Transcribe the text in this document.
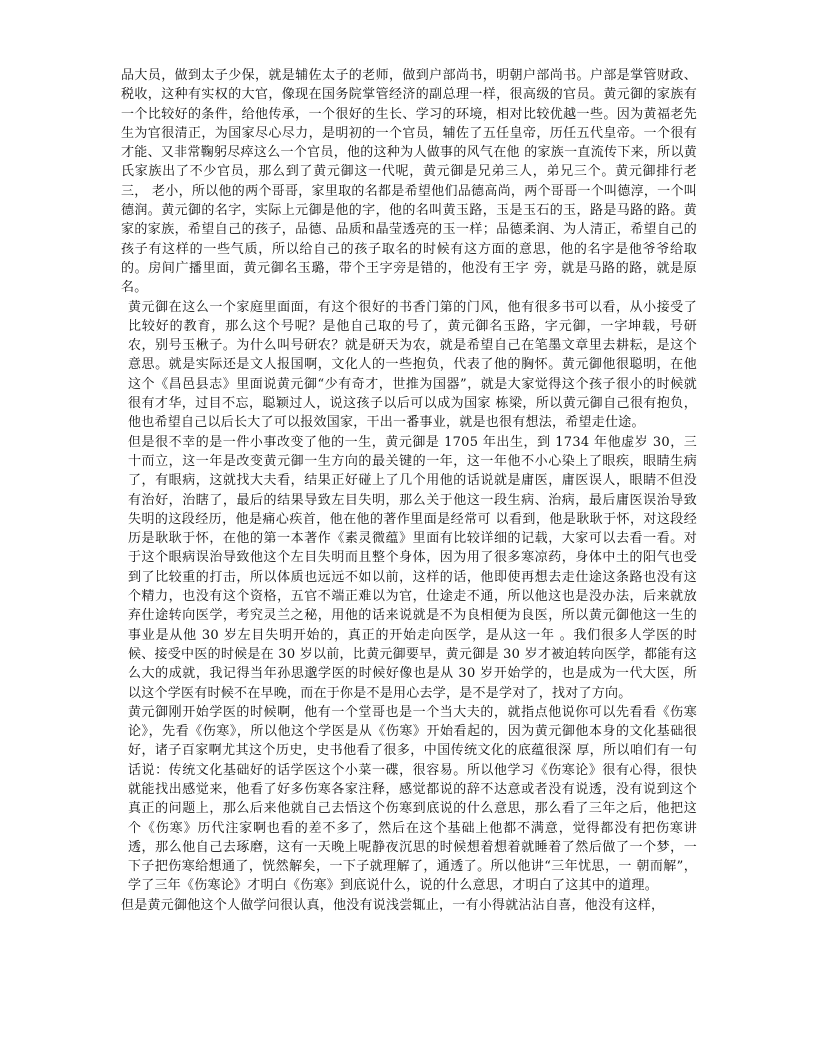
品大员，做到太子少保，就是辅佐太子的老师，做到户部尚书，明朝户部尚书。户部是掌管财政、税收，这种有实权的大官，像现在国务院掌管经济的副总理一样，很高级的官员。黄元御的家族有一个比较好的条件，给他传承，一个很好的生长、学习的环境，相对比较优越一些。因为黄福老先生为官很清正，为国家尽心尽力，是明初的一个官员，辅佐了五任皇帝，历任五代皇帝。一个很有才能、又非常鞠躬尽瘁这么一个官员，他的这种为人做事的风气在他 的家族一直流传下来，所以黄氏家族出了不少官员，那么到了黄元御这一代呢，黄元御是兄弟三人，弟兄三个。黄元御排行老三， 老小，所以他的两个哥哥，家里取的名都是希望他们品德高尚，两个哥哥一个叫德淳，一个叫德润。黄元御的名字，实际上元御是他的字，他的名叫黄玉路，玉是玉石的玉，路是马路的路。黄家的家族，希望自己的孩子，品德、品质和晶莹透亮的玉一样；品德柔润、为人清正，希望自己的孩子有这样的一些气质，所以给自己的孩子取名的时候有这方面的意思，他的名字是他爷爷给取的。房间广播里面，黄元御名玉璐，带个王字旁是错的，他没有王字 旁，就是马路的路，就是原名。

黄元御在这么一个家庭里面面，有这个很好的书香门第的门风，他有很多书可以看，从小接受了比较好的教育，那么这个号呢？是他自己取的号了，黄元御名玉路，字元御，一字坤载，号研农，别号玉楸子。为什么叫号研农？就是研天为农，就是希望自己在笔墨文章里去耕耘，是这个意思。就是实际还是文人报国啊，文化人的一些抱负，代表了他的胸怀。黄元御他很聪明，在他这个《昌邑县志》里面说黄元御“少有奇才，世推为国器”，就是大家觉得这个孩子很小的时候就很有才华，过目不忘，聪颖过人，说这孩子以后可以成为国家 栋梁，所以黄元御自己很有抱负，他也希望自己以后长大了可以报效国家，干出一番事业，就是也很有想法，希望走仕途。

但是很不幸的是一件小事改变了他的一生，黄元御是 1705 年出生，到 1734 年他虚岁 30，三十而立，这一年是改变黄元御一生方向的最关键的一年，这一年他不小心染上了眼疾，眼睛生病了，有眼病，这就找大夫看，结果正好碰上了几个用他的话说就是庸医，庸医误人，眼睛不但没有治好，治瞎了，最后的结果导致左目失明，那么关于他这一段生病、治病，最后庸医误治导致失明的这段经历，他是痛心疾首，他在他的著作里面是经常可 以看到，他是耿耿于怀，对这段经历是耿耿于怀，在他的第一本著作《素灵微蕴》里面有比较详细的记载，大家可以去看一看。对于这个眼病误治导致他这个左目失明而且整个身体，因为用了很多寒凉药，身体中土的阳气也受到了比较重的打击，所以体质也远远不如以前，这样的话，他即使再想去走仕途这条路也没有这个精力，也没有这个资格，五官不端正难以为官，仕途走不通，所以他这也是没办法，后来就放弃仕途转向医学，考究灵兰之秘，用他的话来说就是不为良相便为良医，所以黄元御他这一生的事业是从他 30 岁左目失明开始的，真正的开始走向医学，是从这一年 。我们很多人学医的时候、接受中医的时候是在 30 岁以前，比黄元御要早，黄元御是 30 岁才被迫转向医学，都能有这么大的成就，我记得当年孙思邈学医的时候好像也是从 30 岁开始学的，也是成为一代大医，所以这个学医有时候不在早晚，而在于你是不是用心去学，是不是学对了，找对了方向。

黄元御刚开始学医的时候啊，他有一个堂哥也是一个当大夫的，就指点他说你可以先看看《伤寒论》，先看《伤寒》，所以他这个学医是从《伤寒》开始看起的，因为黄元御他本身的文化基础很好，诸子百家啊尤其这个历史，史书他看了很多，中国传统文化的底蕴很深 厚，所以咱们有一句话说：传统文化基础好的话学医这个小菜一碟，很容易。所以他学习《伤寒论》很有心得，很快就能找出感觉来，他看了好多伤寒各家注释，感觉都说的辞不达意或者没有说透，没有说到这个真正的问题上，那么后来他就自己去悟这个伤寒到底说的什么意思，那么看了三年之后，他把这个《伤寒》历代注家啊也看的差不多了，然后在这个基础上他都不满意，觉得都没有把伤寒讲透，那么他自己去琢磨，这有一天晚上呢静夜沉思的时候想着想着就睡着了然后做了一个梦，一下子把伤寒给想通了，恍然解矣，一下子就理解了，通透了。所以他讲“三年忧思，一 朝而解”，学了三年《伤寒论》才明白《伤寒》到底说什么，说的什么意思，才明白了这其中的道理。

但是黄元御他这个人做学问很认真，他没有说浅尝辄止，一有小得就沾沾自喜，他没有这样，
